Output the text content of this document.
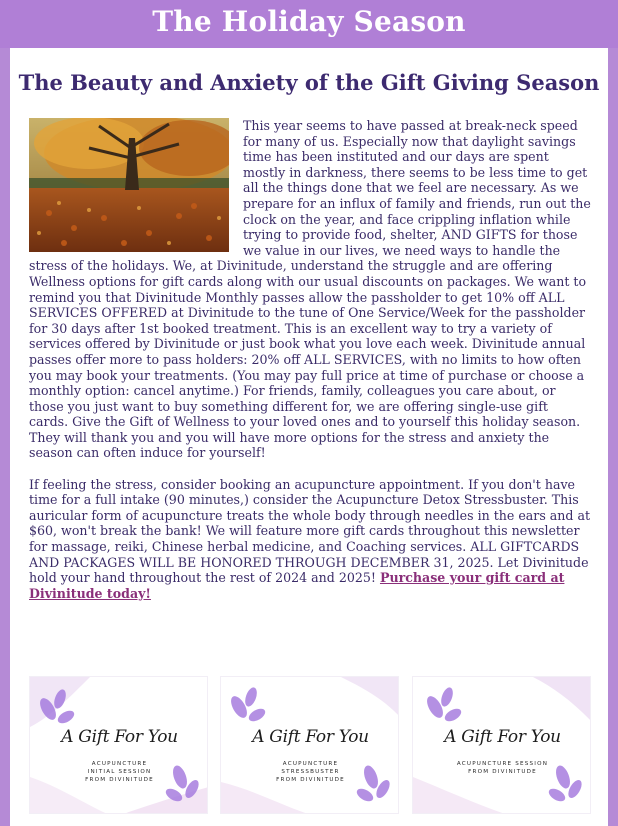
The Holiday Season
The Beauty and Anxiety of the Gift Giving Season

This year seems to have passed at break-neck speed for many of us. Especially now that daylight savings time has been instituted and our days are spent mostly in darkness, there seems to be less time to get all the things done that we feel are necessary. As we prepare for an influx of family and friends, run out the clock on the year, and face crippling inflation while trying to provide food, shelter, AND GIFTS for those we value in our lives, we need ways to handle the stress of the holidays. We, at Divinitude, understand the struggle and are offering Wellness options for gift cards along with our usual discounts on packages. We want to remind you that Divinitude Monthly passes allow the passholder to get 10% off ALL SERVICES OFFERED at Divinitude to the tune of One Service/Week for the passholder for 30 days after 1st booked treatment. This is an excellent way to try a variety of services offered by Divinitude or just book what you love each week. Divinitude annual passes offer more to pass holders: 20% off ALL SERVICES, with no limits to how often you may book your treatments. (You may pay full price at time of purchase or choose a monthly option: cancel anytime.) For friends, family, colleagues you care about, or those you just want to buy something different for, we are offering single-use gift cards. Give the Gift of Wellness to your loved ones and to yourself this holiday season. They will thank you and you will have more options for the stress and anxiety the season can often induce for yourself!

If feeling the stress, consider booking an acupuncture appointment. If you don't have time for a full intake (90 minutes,) consider the Acupuncture Detox Stressbuster. This auricular form of acupuncture treats the whole body through needles in the ears and at $60, won't break the bank! We will feature more gift cards throughout this newsletter for massage, reiki, Chinese herbal medicine, and Coaching services. ALL GIFTCARDS AND PACKAGES WILL BE HONORED THROUGH DECEMBER 31, 2025. Let Divinitude hold your hand throughout the rest of 2024 and 2025! Purchase your gift card at Divinitude today!

A Gift For You
ACUPUNCTURE
INITIAL SESSION
FROM DIVINITUDE
A Gift For You
ACUPUNCTURE
STRESSBUSTER
FROM DIVINITUDE
A Gift For You
ACUPUNCTURE SESSION
FROM DIVINITUDE
